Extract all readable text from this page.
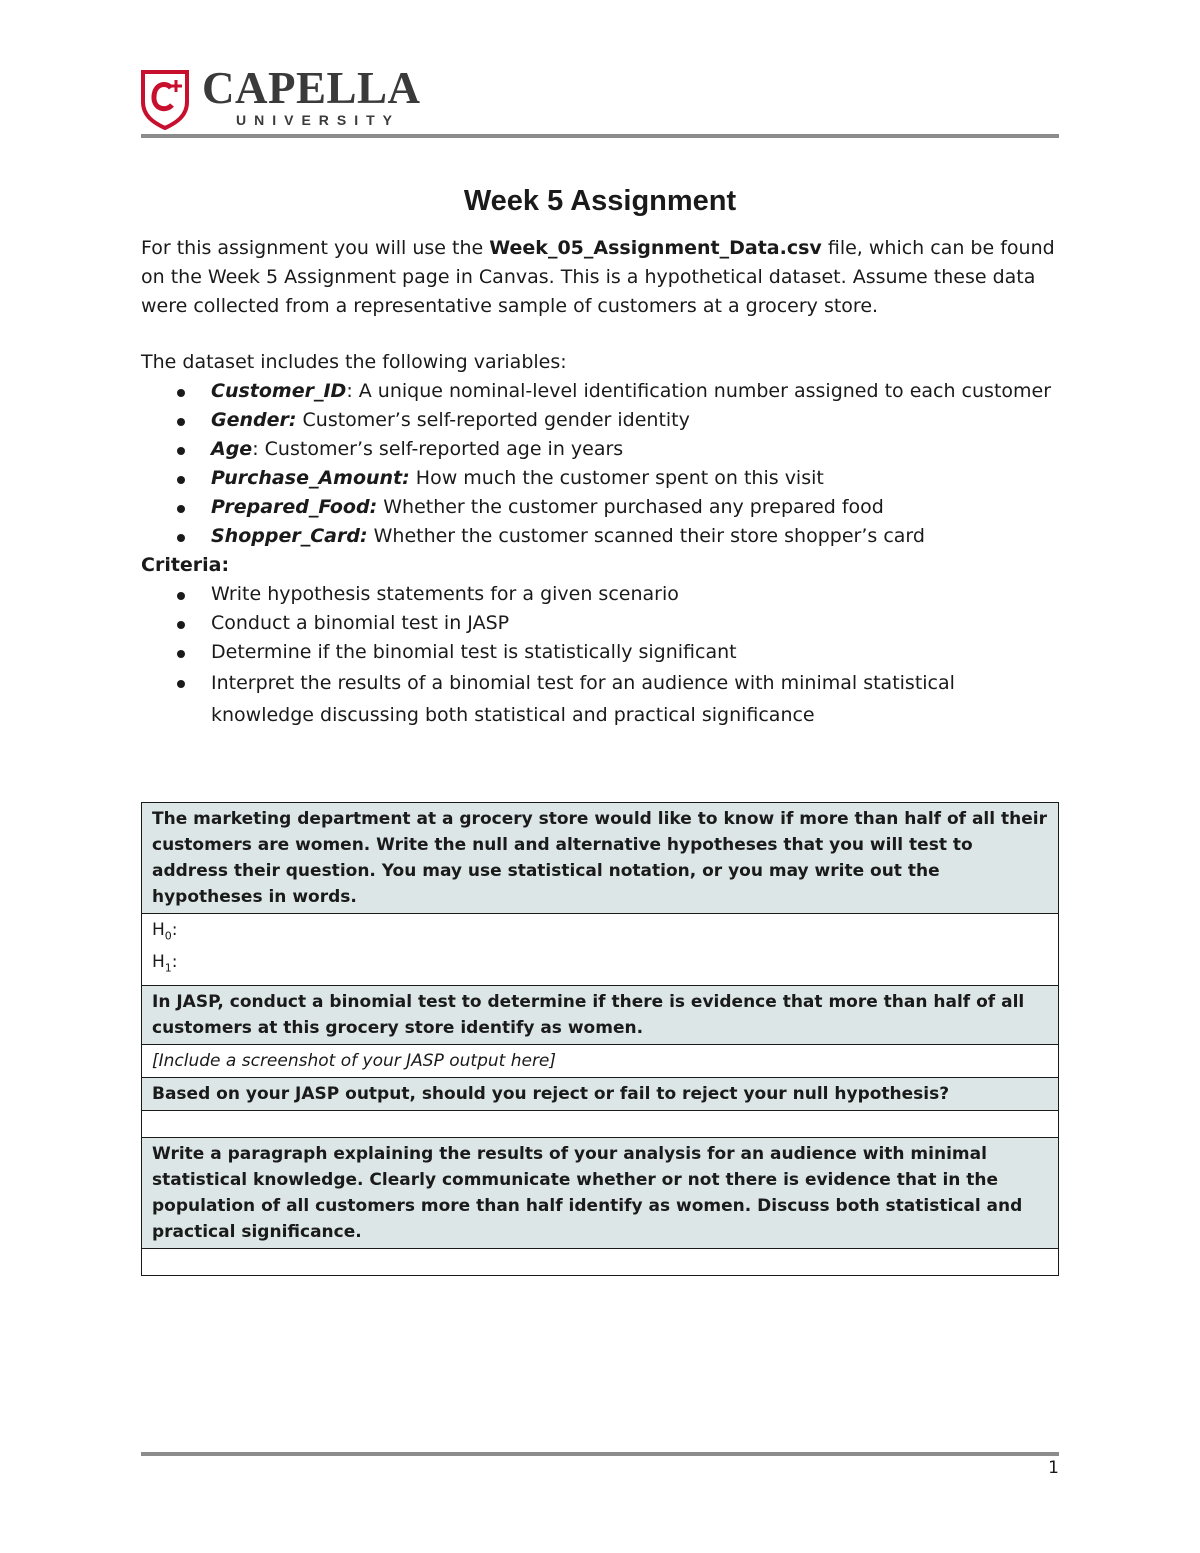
CAPELLA
UNIVERSITY
Week 5 Assignment

For this assignment you will use the Week_05_Assignment_Data.csv file, which can be found on the Week 5 Assignment page in Canvas. This is a hypothetical dataset. Assume these data were collected from a representative sample of customers at a grocery store.

The dataset includes the following variables:

Customer_ID: A unique nominal-level identification number assigned to each customer
Gender: Customer’s self-reported gender identity
Age: Customer’s self-reported age in years
Purchase_Amount: How much the customer spent on this visit
Prepared_Food: Whether the customer purchased any prepared food
Shopper_Card: Whether the customer scanned their store shopper’s card

Criteria:

Write hypothesis statements for a given scenario
Conduct a binomial test in JASP
Determine if the binomial test is statistically significant
Interpret the results of a binomial test for an audience with minimal statistical knowledge discussing both statistical and practical significance
The marketing department at a grocery store would like to know if more than half of all their customers are women. Write the null and alternative hypotheses that you will test to address their question. You may use statistical notation, or you may write out the hypotheses in words.

$H_0$:
$H_1$:

In JASP, conduct a binomial test to determine if there is evidence that more than half of all customers at this grocery store identify as women.
[Include a screenshot of your JASP output here]
Based on your JASP output, should you reject or fail to reject your null hypothesis?

Write a paragraph explaining the results of your analysis for an audience with minimal statistical knowledge. Clearly communicate whether or not there is evidence that in the population of all customers more than half identify as women. Discuss both statistical and practical significance.

1
